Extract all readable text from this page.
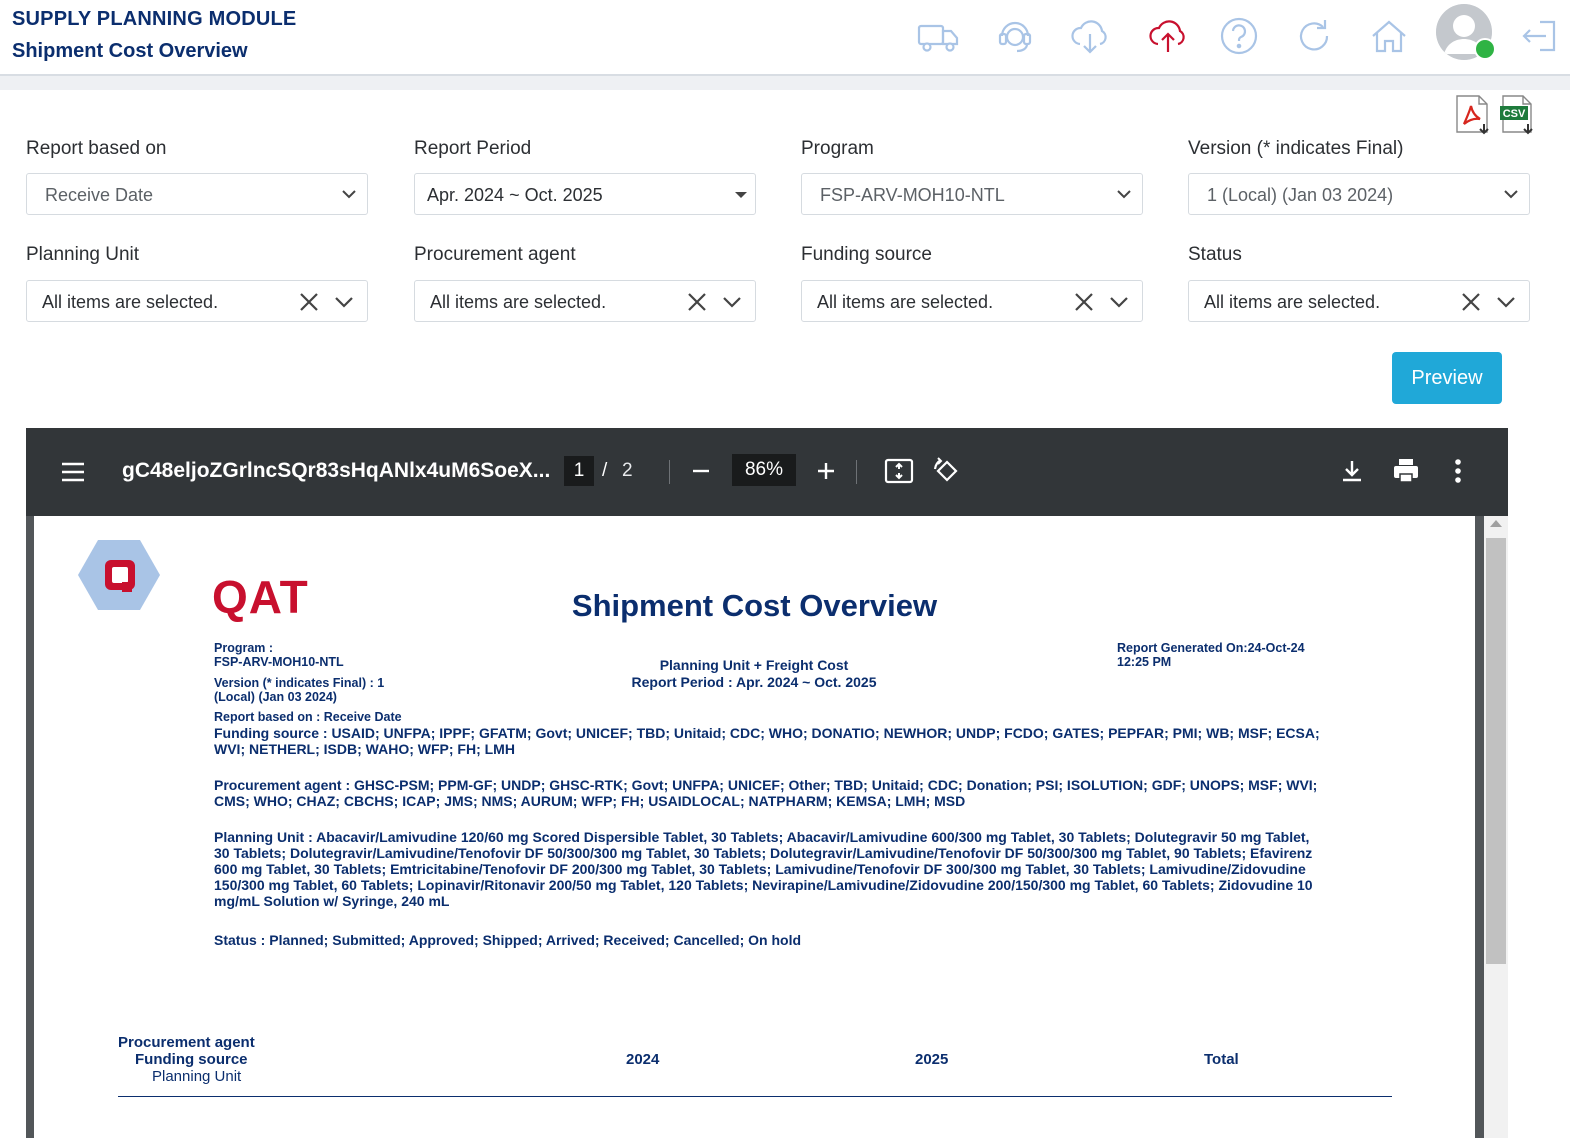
SUPPLY PLANNING MODULE
Shipment Cost Overview
CSV
Report based on
Receive Date
Report Period
Apr. 2024 ~ Oct. 2025
Program
FSP-ARV-MOH10-NTL
Version (* indicates Final)
1 (Local) (Jan 03 2024)
Planning Unit
All items are selected.
Procurement agent
All items are selected.
Funding source
All items are selected.
Status
All items are selected.
Preview
gC48eljoZGrlncSQr83sHqANlx4uM6SoeX...	1 / 2	86%
QAT	Shipment Cost Overview
Program :
FSP-ARV-MOH10-NTL
Version (* indicates Final) : 1
(Local) (Jan 03 2024)
Report based on : Receive Date
Planning Unit + Freight Cost
Report Period : Apr. 2024 ~ Oct. 2025
Report Generated On:24-Oct-24
12:25 PM
Funding source : USAID; UNFPA; IPPF; GFATM; Govt; UNICEF; TBD; Unitaid; CDC; WHO; DONATIO; NEWHOR; UNDP; FCDO; GATES; PEPFAR; PMI; WB; MSF; ECSA; WVI; NETHERL; ISDB; WAHO; WFP; FH; LMH
Procurement agent : GHSC-PSM; PPM-GF; UNDP; GHSC-RTK; Govt; UNFPA; UNICEF; Other; TBD; Unitaid; CDC; Donation; PSI; ISOLUTION; GDF; UNOPS; MSF; WVI; CMS; WHO; CHAZ; CBCHS; ICAP; JMS; NMS; AURUM; WFP; FH; USAIDLOCAL; NATPHARM; KEMSA; LMH; MSD
Planning Unit : Abacavir/Lamivudine 120/60 mg Scored Dispersible Tablet, 30 Tablets; Abacavir/Lamivudine 600/300 mg Tablet, 30 Tablets; Dolutegravir 50 mg Tablet, 30 Tablets; Dolutegravir/Lamivudine/Tenofovir DF 50/300/300 mg Tablet, 30 Tablets; Dolutegravir/Lamivudine/Tenofovir DF 50/300/300 mg Tablet, 90 Tablets; Efavirenz 600 mg Tablet, 30 Tablets; Emtricitabine/Tenofovir DF 200/300 mg Tablet, 30 Tablets; Lamivudine/Tenofovir DF 300/300 mg Tablet, 30 Tablets; Lamivudine/Zidovudine 150/300 mg Tablet, 60 Tablets; Lopinavir/Ritonavir 200/50 mg Tablet, 120 Tablets; Nevirapine/Lamivudine/Zidovudine 200/150/300 mg Tablet, 60 Tablets; Zidovudine 10 mg/mL Solution w/ Syringe, 240 mL
Status : Planned; Submitted; Approved; Shipped; Arrived; Received; Cancelled; On hold
Procurement agent
Funding source
Planning Unit
2024	2025	Total
